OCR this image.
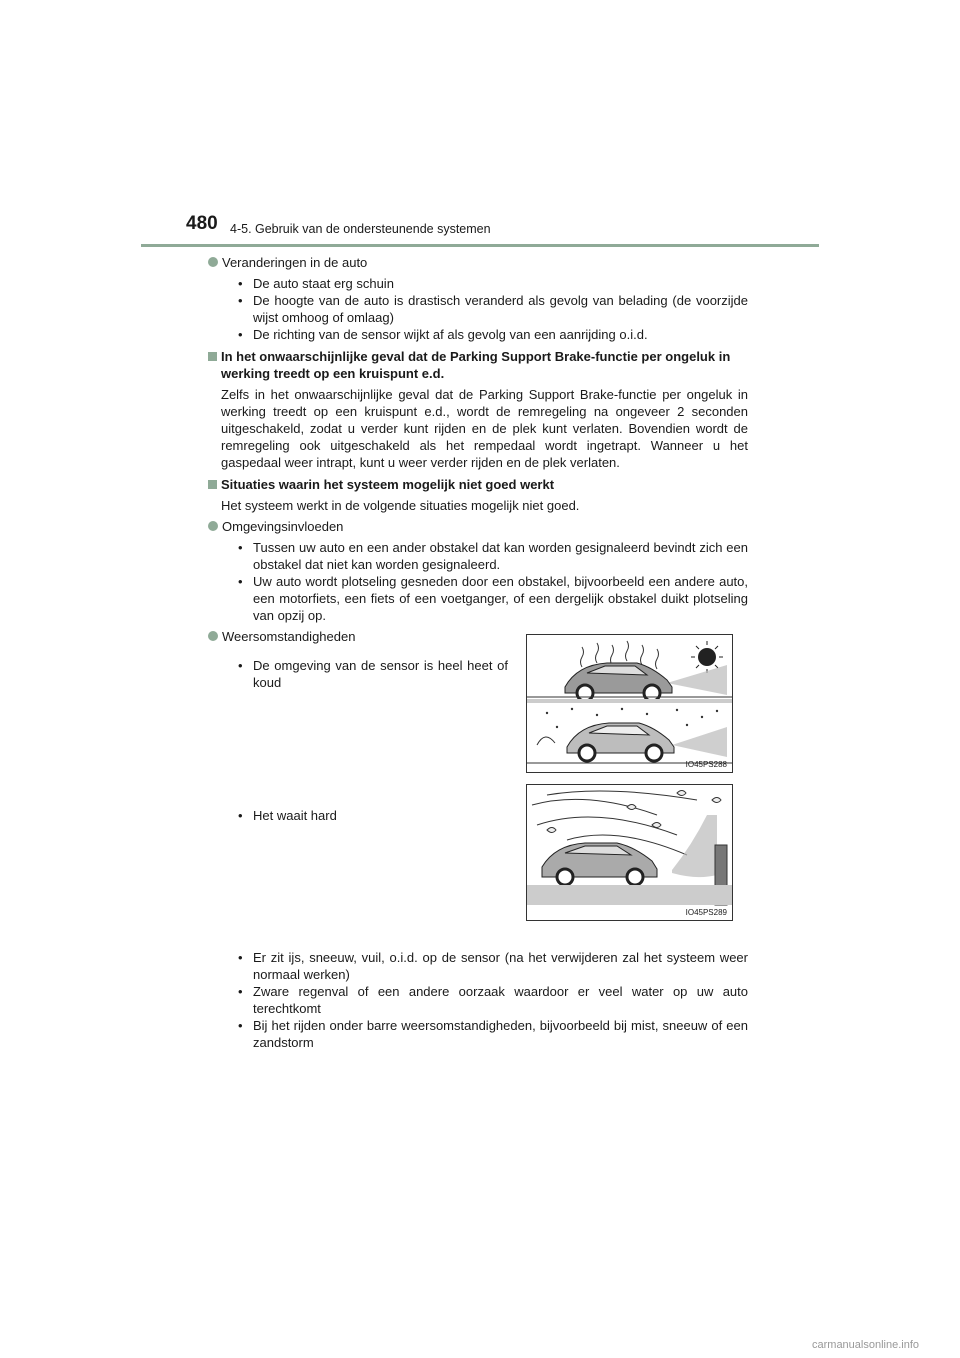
480 4-5. Gebruik van de ondersteunende systemen
Veranderingen in de auto
• De auto staat erg schuin
• De hoogte van de auto is drastisch veranderd als gevolg van belading (de voorzijde wijst omhoog of omlaag)
• De richting van de sensor wijkt af als gevolg van een aanrijding o.i.d.
In het onwaarschijnlijke geval dat de Parking Support Brake-functie per ongeluk in werking treedt op een kruispunt e.d.
Zelfs in het onwaarschijnlijke geval dat de Parking Support Brake-functie per ongeluk in werking treedt op een kruispunt e.d., wordt de remregeling na ongeveer 2 seconden uitgeschakeld, zodat u verder kunt rijden en de plek kunt verlaten. Bovendien wordt de remregeling ook uitgeschakeld als het rempedaal wordt ingetrapt. Wanneer u het gaspedaal weer intrapt, kunt u weer verder rijden en de plek verlaten.
Situaties waarin het systeem mogelijk niet goed werkt
Het systeem werkt in de volgende situaties mogelijk niet goed.
Omgevingsinvloeden
• Tussen uw auto en een ander obstakel dat kan worden gesignaleerd bevindt zich een obstakel dat niet kan worden gesignaleerd.
• Uw auto wordt plotseling gesneden door een obstakel, bijvoorbeeld een andere auto, een motorfiets, een fiets of een voetganger, of een dergelijk obstakel duikt plotseling van opzij op.
Weersomstandigheden
• De omgeving van de sensor is heel heet of koud
• Het waait hard
• Er zit ijs, sneeuw, vuil, o.i.d. op de sensor (na het verwijderen zal het systeem weer normaal werken)
• Zware regenval of een andere oorzaak waardoor er veel water op uw auto terechtkomt
• Bij het rijden onder barre weersomstandigheden, bijvoorbeeld bij mist, sneeuw of een zandstorm
IO45PS288
IO45PS289
carmanualsonline.info
